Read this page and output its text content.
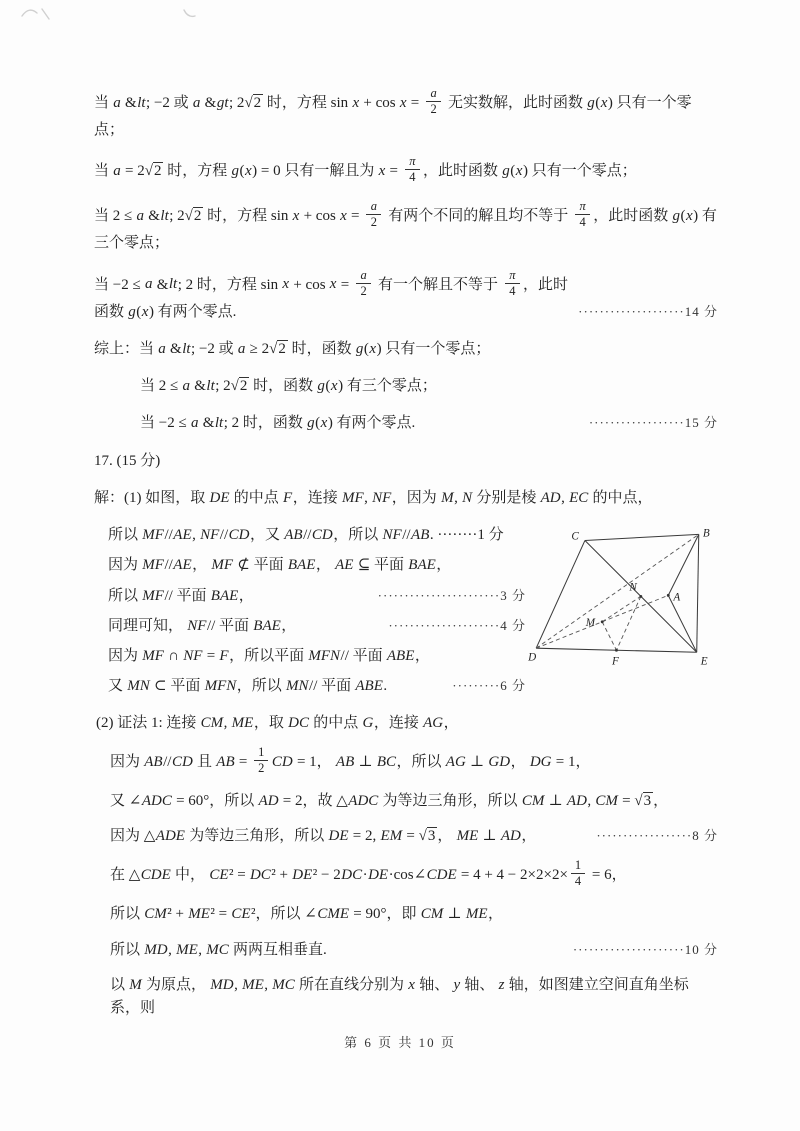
当 a &lt; −2 或 a &gt; 2√2 时，方程 $\sin x + \cos x = \frac{a}{2}$ 无实数解，此时函数 g(x) 只有一个零点；
当 a = 2√2 时，方程 g(x) = 0 只有一解且为 $x = \frac{\pi}{4}$ ，此时函数 g(x) 只有一个零点；
当 2 ≤ a &lt; 2√2 时，方程 $\sin x + \cos x = \frac{a}{2}$ 有两个不同的解且均不等于 $\frac{\pi}{4}$ ，此时函数 g(x) 有三个零点；
当 −2 ≤ a &lt; 2 时，方程 $\sin x + \cos x = \frac{a}{2}$ 有一个解且不等于 $\frac{\pi}{4}$ ，此时函数 g(x) 有两个零点.	····················14 分
综上：当 a &lt; −2 或 a ≥ 2√2 时，函数 g(x) 只有一个零点；
当 2 ≤ a &lt; 2√2 时，函数 g(x) 有三个零点；
当 −2 ≤ a &lt; 2 时，函数 g(x) 有两个零点.	··················15 分
17. (15 分)
解：(1) 如图，取 DE 的中点 F，连接 MF, NF，因为 M, N 分别是棱 AD, EC 的中点，
所以 MF//AE, NF//CD，又 AB//CD，所以 NF//AB. ········1 分
因为 MF//AE， MF ⊄ 平面 BAE， AE ⊆ 平面 BAE，
所以 MF// 平面 BAE，	·······················3 分
同理可知， NF// 平面 BAE，	·····················4 分
因为 MF ∩ NF = F，所以平面 MFN// 平面 ABE，
又 MN ⊂ 平面 MFN，所以 MN// 平面 ABE.	·········6 分
C	B
N
A
M
D	F	E
(2) 证法 1: 连接 CM, ME，取 DC 的中点 G，连接 AG，
因为 AB//CD 且 AB = $\frac{1}{2}$ CD = 1， AB ⊥ BC，所以 AG ⊥ GD， DG = 1，
又 ∠ADC = 60°，所以 AD = 2，故 △ADC 为等边三角形，所以 CM ⊥ AD, CM = √3 ，
因为 △ADE 为等边三角形，所以 DE = 2, EM = √3 ， ME ⊥ AD，	··················8 分
在 △CDE 中， CE² = DC² + DE² − 2DC·DE·cos∠CDE = $4 + 4 - 2\times 2\times 2\times \frac{1}{4} = 6$，
所以 CM² + ME² = CE²，所以 ∠CME = 90°，即 CM ⊥ ME，
所以 MD, ME, MC 两两互相垂直.	·····················10 分
以 M 为原点， MD, ME, MC 所在直线分别为 x 轴、 y 轴、 z 轴，如图建立空间直角坐标系，则
第 6 页 共 10 页
